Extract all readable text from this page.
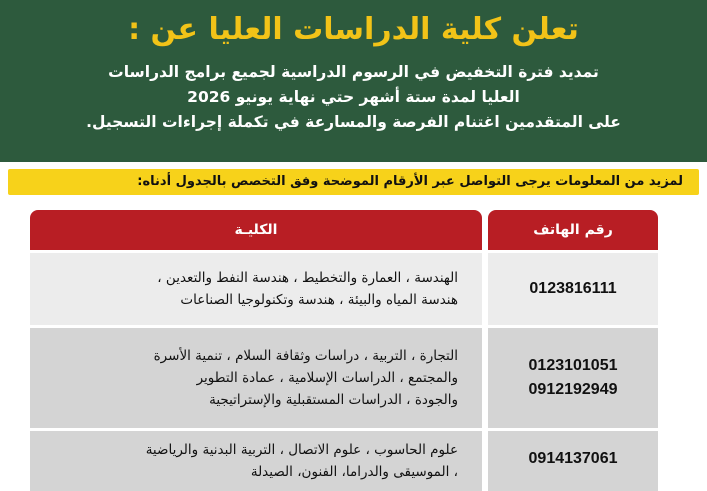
تعلن كلية الدراسات العليا عن :
تمديد فترة التخفيض في الرسوم الدراسية لجميع برامج الدراسات
العليا لمدة ستة أشهر حتي نهاية يونيو 2026
على المتقدمين اغتنام الفرصة والمسارعة في تكملة إجراءات التسجيل.
لمزيد من المعلومات يرجى التواصل عبر الأرقام الموضحة وفق التخصص بالجدول أدناه:
رقم الهاتف
الكليـة
0123816111
الهندسة ، العمارة والتخطيط ، هندسة النفط والتعدين ،
هندسة المياه والبيئة ، هندسة وتكنولوجيا الصناعات
0123101051
0912192949
التجارة ، التربية ، دراسات وثقافة السلام ، تنمية الأسرة
والمجتمع ، الدراسات الإسلامية ، عمادة التطوير
والجودة ، الدراسات المستقبلية والإستراتيجية
0914137061
علوم الحاسوب ، علوم الاتصال ، التربية البدنية والرياضية
، الموسيقى والدراما، الفنون، الصيدلة
